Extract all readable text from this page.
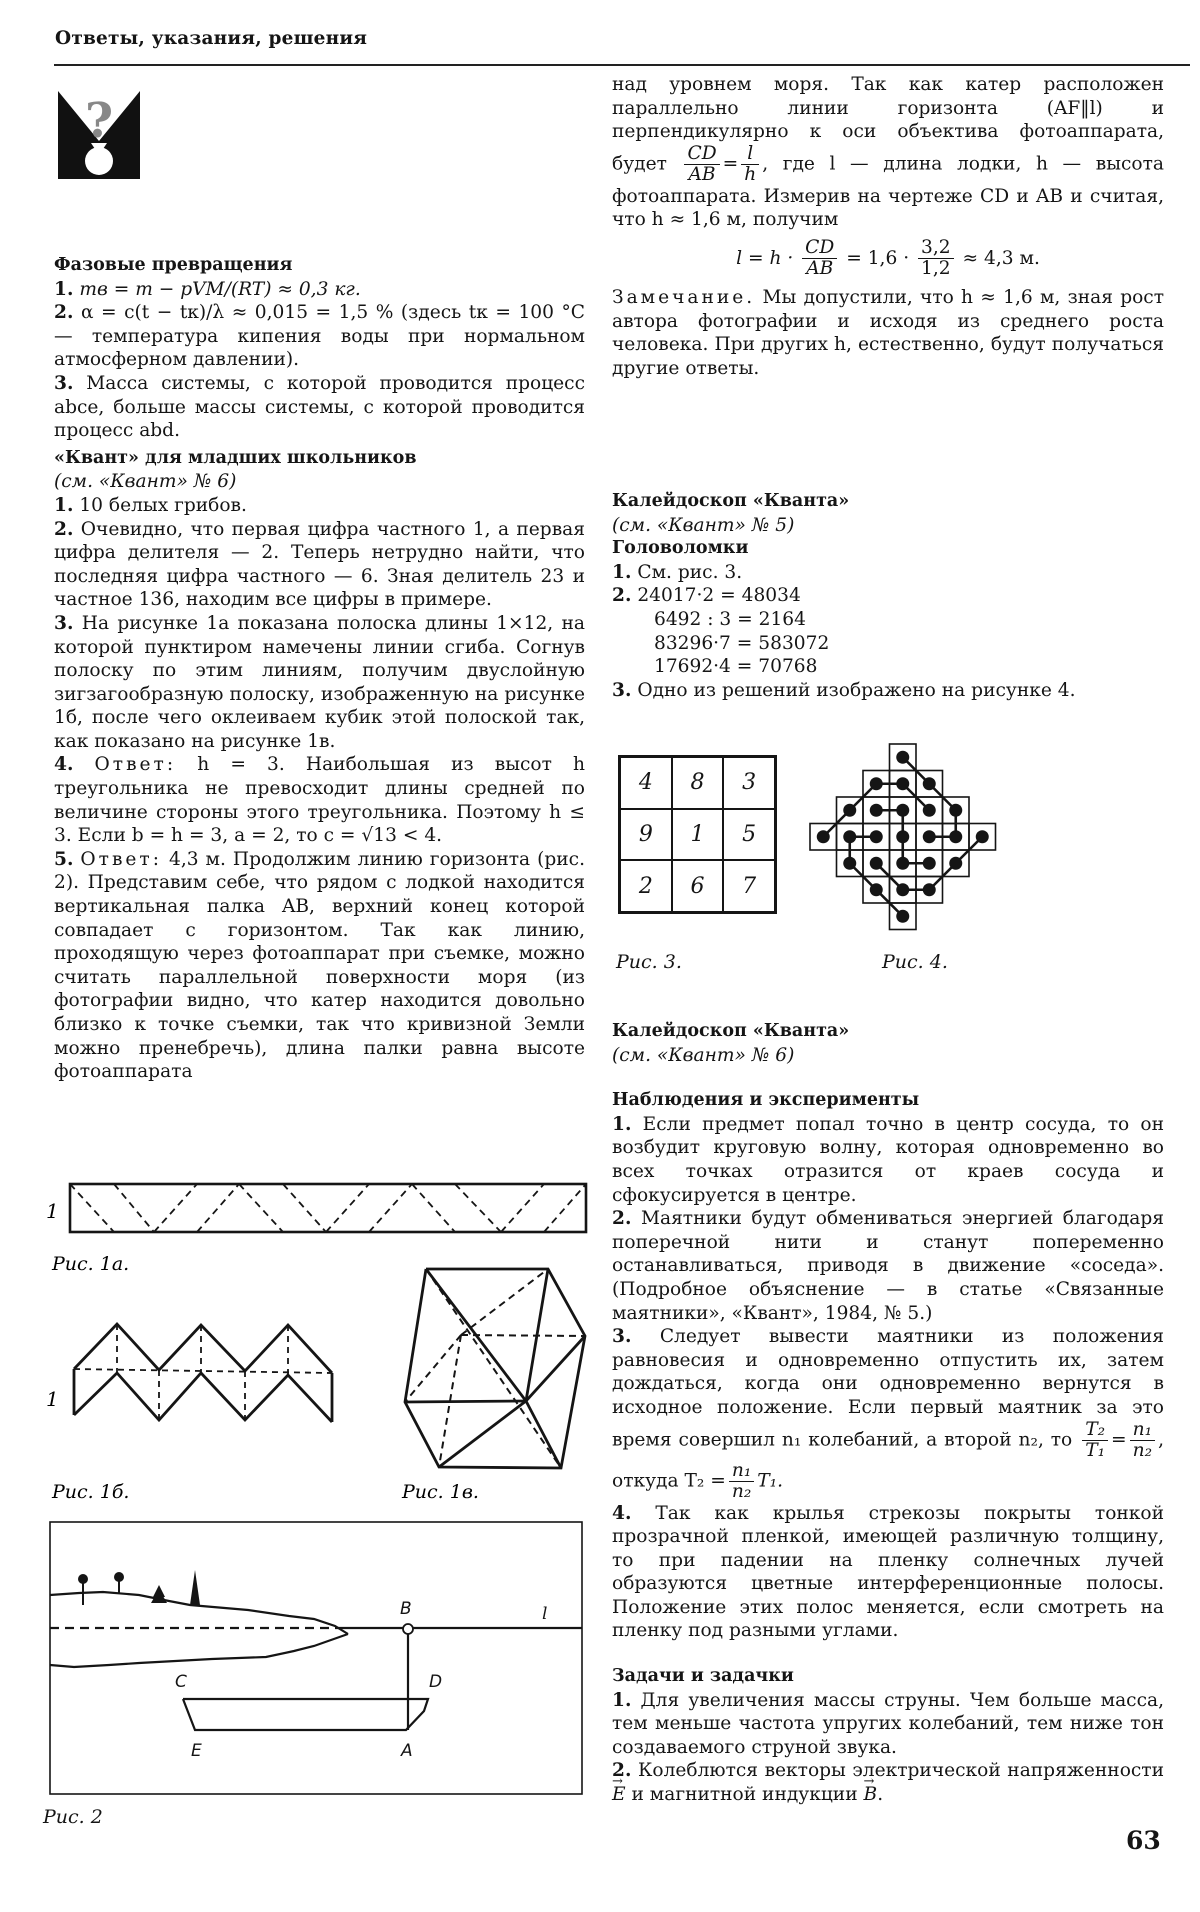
Ответы, указания, решения
?

Фазовые превращения

1. mв = m − pVM/(RT) ≈ 0,3 кг.

2. α = c(t − tк)/λ ≈ 0,015 = 1,5 % (здесь tк = 100 °C — температура кипения воды при нормальном атмосферном давлении).

3. Масса системы, с которой проводится процесс abce, больше массы системы, с которой проводится процесс abd.

«Квант» для младших школьников

(см. «Квант» № 6)

1. 10 белых грибов.

2. Очевидно, что первая цифра частного 1, а первая цифра делителя — 2. Теперь нетрудно найти, что последняя цифра частного — 6. Зная делитель 23 и частное 136, находим все цифры в примере.

3. На рисунке 1а показана полоска длины 1×12, на которой пунктиром намечены линии сгиба. Согнув полоску по этим линиям, получим двуслойную зигзагообразную полоску, изображенную на рисунке 1б, после чего оклеиваем кубик этой полоской так, как показано на рисунке 1в.

4. Ответ: h = 3. Наибольшая из высот h треугольника не превосходит длины средней по величине стороны этого треугольника. Поэтому h ≤ 3. Если b = h = 3, a = 2, то c = √13 < 4.

5. Ответ: 4,3 м. Продолжим линию горизонта (рис. 2). Представим себе, что рядом с лодкой находится вертикальная палка AB, верхний конец которой совпадает с горизонтом. Так как линию, проходящую через фотоаппарат при съемке, можно считать параллельной поверхности моря (из фотографии видно, что катер находится довольно близко к точке съемки, так что кривизной Земли можно пренебречь), длина палки равна высоте фотоаппарата

1
Рис. 1а.
1
Рис. 1б.	Рис. 1в.
B	l
C	D
E	A
Рис. 2

над уровнем моря. Так как катер расположен параллельно линии горизонта (AF‖l) и перпендикулярно к оси объектива фотоаппарата, будет $\frac{CD}{AB} = \frac{l}{h}$ , где l — длина лодки, h — высота фотоаппарата. Измерив на чертеже CD и AB и считая, что h ≈ 1,6 м, получим

$l = h \cdot \frac{CD}{AB} = 1,6 \cdot \frac{3,2}{1,2} \approx 4,3$ м.

Замечание. Мы допустили, что h ≈ 1,6 м, зная рост автора фотографии и исходя из среднего роста человека. При других h, естественно, будут получаться другие ответы.

Калейдоскоп «Кванта»

(см. «Квант» № 5)

Головоломки

1. См. рис. 3.

2. 24017·2 = 48034

6492 : 3 = 2164

83296·7 = 583072

17692·4 = 70768

3. Одно из решений изображено на рисунке 4.

4	8	3
9	1	5
2	6	7
Рис. 3.	Рис. 4.

Калейдоскоп «Кванта»

(см. «Квант» № 6)

Наблюдения и эксперименты

1. Если предмет попал точно в центр сосуда, то он возбудит круговую волну, которая одновременно во всех точках отразится от краев сосуда и сфокусируется в центре.

2. Маятники будут обмениваться энергией благодаря поперечной нити и станут попеременно останавливаться, приводя в движение «соседа». (Подробное объяснение — в статье «Связанные маятники», «Квант», 1984, № 5.)

3. Следует вывести маятники из положения равновесия и одновременно отпустить их, затем дождаться, когда они одновременно вернутся в исходное положение. Если первый маятник за это время совершил n₁ колебаний, а второй n₂, то $\frac{\text{T₂}}{\text{T₁}} = \frac{\text{n₁}}{\text{n₂}}$ , откуда $T_2 = \frac{\text{n₁}}{\text{n₂}} T_1$.

4. Так как крылья стрекозы покрыты тонкой прозрачной пленкой, имеющей различную толщину, то при падении на пленку солнечных лучей образуются цветные интерференционные полосы. Положение этих полос меняется, если смотреть на пленку под разными углами.

Задачи и задачки

1. Для увеличения массы струны. Чем больше масса, тем меньше частота упругих колебаний, тем ниже тон создаваемого струной звука.

2. Колеблются векторы электрической напряженности → E и магнитной индукции → B.

63
